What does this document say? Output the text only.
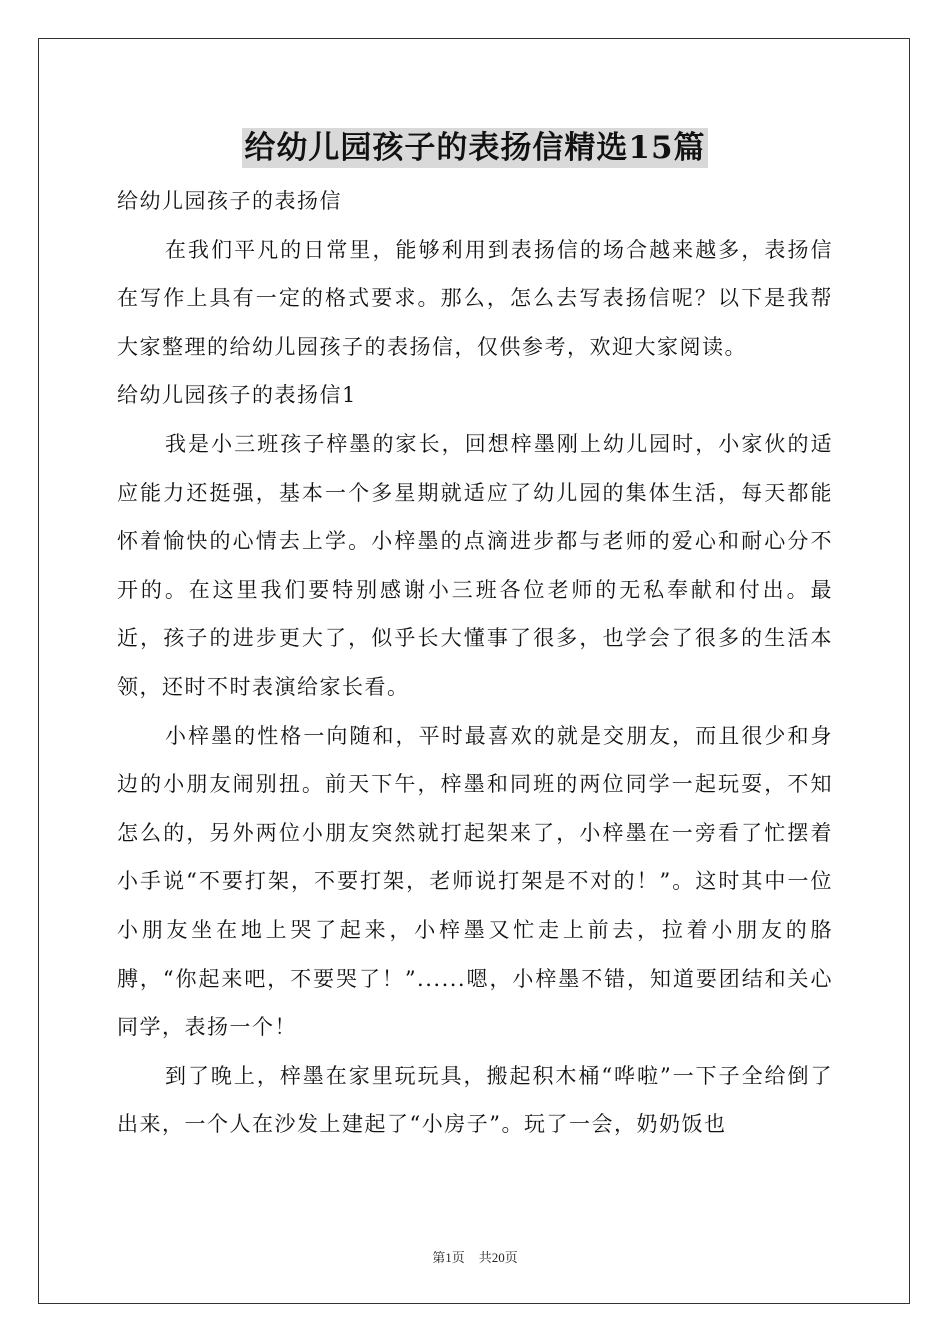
给幼儿园孩子的表扬信精选15篇

给幼儿园孩子的表扬信

在我们平凡的日常里，能够利用到表扬信的场合越来越多，表扬信在写作上具有一定的格式要求。那么，怎么去写表扬信呢？以下是我帮大家整理的给幼儿园孩子的表扬信，仅供参考，欢迎大家阅读。

给幼儿园孩子的表扬信1

我是小三班孩子梓墨的家长，回想梓墨刚上幼儿园时，小家伙的适应能力还挺强，基本一个多星期就适应了幼儿园的集体生活，每天都能怀着愉快的心情去上学。小梓墨的点滴进步都与老师的爱心和耐心分不开的。在这里我们要特别感谢小三班各位老师的无私奉献和付出。最近，孩子的进步更大了，似乎长大懂事了很多，也学会了很多的生活本领，还时不时表演给家长看。

小梓墨的性格一向随和，平时最喜欢的就是交朋友，而且很少和身边的小朋友闹别扭。前天下午，梓墨和同班的两位同学一起玩耍，不知怎么的，另外两位小朋友突然就打起架来了，小梓墨在一旁看了忙摆着小手说“不要打架，不要打架，老师说打架是不对的！”。这时其中一位小朋友坐在地上哭了起来，小梓墨又忙走上前去，拉着小朋友的胳膊，“你起来吧，不要哭了！”......嗯，小梓墨不错，知道要团结和关心同学，表扬一个！

到了晚上，梓墨在家里玩玩具，搬起积木桶“哗啦”一下子全给倒了出来，一个人在沙发上建起了“小房子”。玩了一会，奶奶饭也

第1页 共20页
